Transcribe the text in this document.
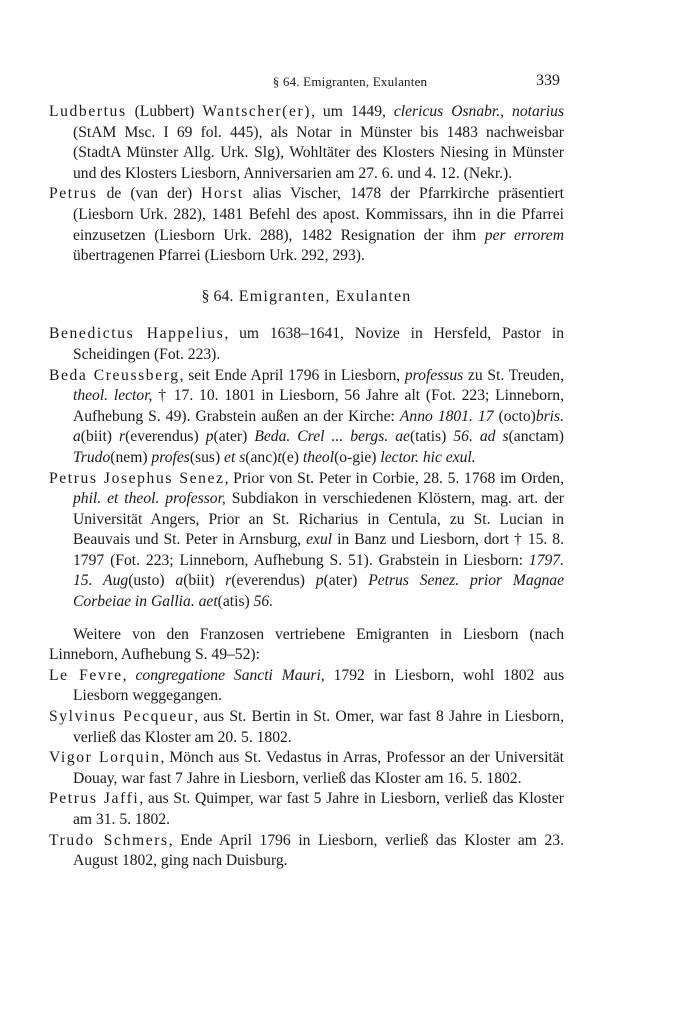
§ 64. Emigranten, Exulanten	339

Ludbertus (Lubbert) Wantscher(er), um 1449, clericus Osnabr., notarius (StAM Msc. I 69 fol. 445), als Notar in Münster bis 1483 nachweisbar (StadtA Münster Allg. Urk. Slg), Wohltäter des Klosters Niesing in Münster und des Klosters Liesborn, Anniversarien am 27. 6. und 4. 12. (Nekr.).

Petrus de (van der) Horst alias Vischer, 1478 der Pfarrkirche präsentiert (Liesborn Urk. 282), 1481 Befehl des apost. Kommissars, ihn in die Pfarrei einzusetzen (Liesborn Urk. 288), 1482 Resignation der ihm per errorem übertragenen Pfarrei (Liesborn Urk. 292, 293).

§ 64. Emigranten, Exulanten

Benedictus Happelius, um 1638–1641, Novize in Hersfeld, Pastor in Scheidingen (Fot. 223).

Beda Creussberg, seit Ende April 1796 in Liesborn, professus zu St. Treuden, theol. lector, † 17. 10. 1801 in Liesborn, 56 Jahre alt (Fot. 223; Linneborn, Aufhebung S. 49). Grabstein außen an der Kirche: Anno 1801. 17 (octo)bris. a(biit) r(everendus) p(ater) Beda. Crel ... bergs. ae(tatis) 56. ad s(anctam) Trudo(nem) profes(sus) et s(anc)t(e) theol(o-gie) lector. hic exul.

Petrus Josephus Senez, Prior von St. Peter in Corbie, 28. 5. 1768 im Orden, phil. et theol. professor, Subdiakon in verschiedenen Klöstern, mag. art. der Universität Angers, Prior an St. Richarius in Centula, zu St. Lucian in Beauvais und St. Peter in Arnsburg, exul in Banz und Liesborn, dort † 15. 8. 1797 (Fot. 223; Linneborn, Aufhebung S. 51). Grabstein in Liesborn: 1797. 15. Aug(usto) a(biit) r(everendus) p(ater) Petrus Senez. prior Magnae Corbeiae in Gallia. aet(atis) 56.

Weitere von den Franzosen vertriebene Emigranten in Liesborn (nach Linneborn, Aufhebung S. 49–52):

Le Fevre, congregatione Sancti Mauri, 1792 in Liesborn, wohl 1802 aus Liesborn weggegangen.

Sylvinus Pecqueur, aus St. Bertin in St. Omer, war fast 8 Jahre in Liesborn, verließ das Kloster am 20. 5. 1802.

Vigor Lorquin, Mönch aus St. Vedastus in Arras, Professor an der Universität Douay, war fast 7 Jahre in Liesborn, verließ das Kloster am 16. 5. 1802.

Petrus Jaffi, aus St. Quimper, war fast 5 Jahre in Liesborn, verließ das Kloster am 31. 5. 1802.

Trudo Schmers, Ende April 1796 in Liesborn, verließ das Kloster am 23. August 1802, ging nach Duisburg.
